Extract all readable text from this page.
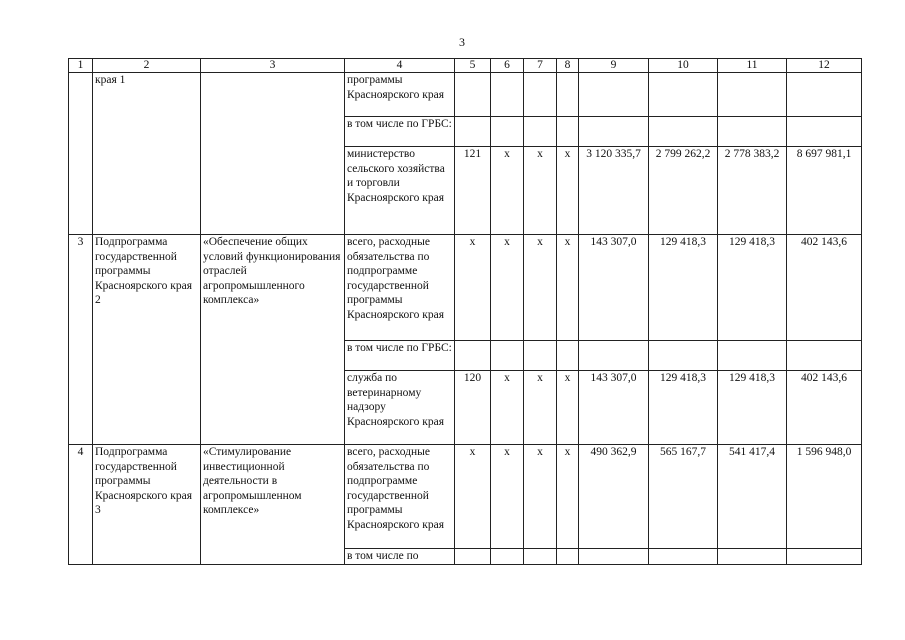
3
1	2	3	4	5	6	7	8	9	10	11	12
	края 1		программы Красноярского края								
			в том числе по ГРБС:								
			министерство сельского хозяйства и торговли Красноярского края	121	х	х	х	3 120 335,7	2 799 262,2	2 778 383,2	8 697 981,1
3	Подпрограмма государственной программы Красноярского края 2	«Обеспечение общих условий функционирования отраслей агропромышленного комплекса»	всего, расходные обязательства по подпрограмме государственной программы Красноярского края	х	х	х	х	143 307,0	129 418,3	129 418,3	402 143,6
			в том числе по ГРБС:								
			служба по ветеринарному надзору Красноярского края	120	х	х	х	143 307,0	129 418,3	129 418,3	402 143,6
4	Подпрограмма государственной программы Красноярского края 3	«Стимулирование инвестиционной деятельности в агропромышленном комплексе»	всего, расходные обязательства по подпрограмме государственной программы Красноярского края	х	х	х	х	490 362,9	565 167,7	541 417,4	1 596 948,0
			в том числе по								
